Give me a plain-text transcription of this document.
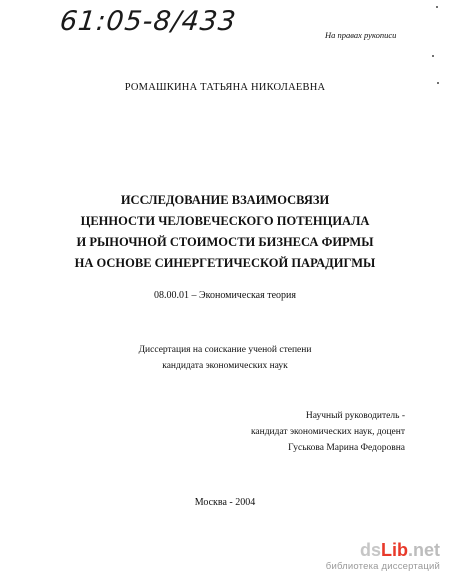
61:05-8/433	На правах рукописи
РОМАШКИНА ТАТЬЯНА НИКОЛАЕВНА
ИССЛЕДОВАНИЕ ВЗАИМОСВЯЗИ
ЦЕННОСТИ ЧЕЛОВЕЧЕСКОГО ПОТЕНЦИАЛА
И РЫНОЧНОЙ СТОИМОСТИ БИЗНЕСА ФИРМЫ
НА ОСНОВЕ СИНЕРГЕТИЧЕСКОЙ ПАРАДИГМЫ
08.00.01 – Экономическая теория
Диссертация на соискание ученой степени
кандидата экономических наук
Научный руководитель -
кандидат экономических наук, доцент
Гуськова Марина Федоровна
Москва - 2004
dsLib.net
библиотека диссертаций
